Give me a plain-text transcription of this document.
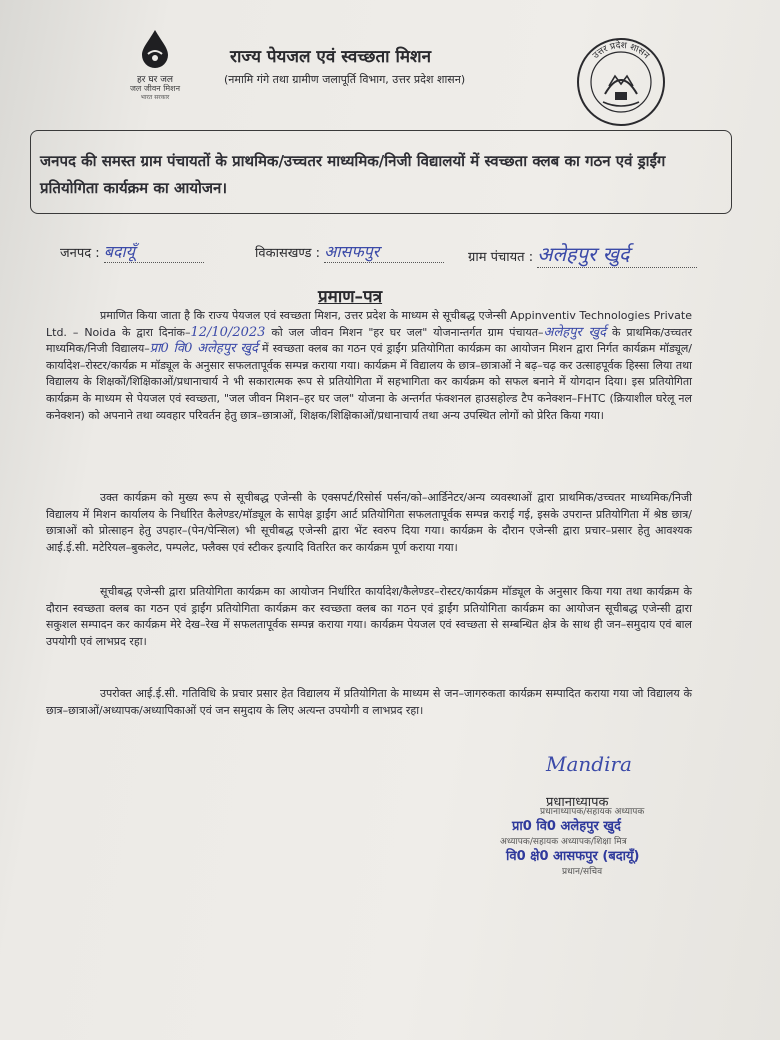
हर घर जल
जल जीवन मिशन
भारत सरकार
राज्य पेयजल एवं स्वच्छता मिशन
(नमामि गंगे तथा ग्रामीण जलापूर्ति विभाग, उत्तर प्रदेश शासन)
उत्तर प्रदेश शासन
जनपद की समस्त ग्राम पंचायतों के प्राथमिक/उच्चतर माध्यमिक/निजी विद्यालयों में स्वच्छता क्लब का गठन एवं ड्राईंग प्रतियोगिता कार्यक्रम का आयोजन।
जनपद : बदायूँ	विकासखण्ड : आसफपुर	ग्राम पंचायत : अलेहपुर खुर्द
प्रमाण–पत्र
प्रमाणित किया जाता है कि राज्य पेयजल एवं स्वच्छता मिशन, उत्तर प्रदेश के माध्यम से सूचीबद्ध एजेन्सी Appinventiv Technologies Private Ltd. – Noida के द्वारा दिनांक–12/10/2023 को जल जीवन मिशन "हर घर जल" योजनान्तर्गत ग्राम पंचायत–अलेहपुर खुर्द के प्राथमिक/उच्चतर माध्यमिक/निजी विद्यालय–प्रा0 वि0 अलेहपुर खुर्द में स्वच्छता क्लब का गठन एवं ड्राईंग प्रतियोगिता कार्यक्रम का आयोजन मिशन द्वारा निर्गत कार्यक्रम मॉड्यूल/कार्यादेश–रोस्टर/कार्यक्र म मॉड्यूल के अनुसार सफलतापूर्वक सम्पन्न कराया गया। कार्यक्रम में विद्यालय के छात्र–छात्राओं ने बढ़–चढ़ कर उत्साहपूर्वक हिस्सा लिया तथा विद्यालय के शिक्षकों/शिक्षिकाओं/प्रधानाचार्य ने भी सकारात्मक रूप से प्रतियोगिता में सहभागिता कर कार्यक्रम को सफल बनाने में योगदान दिया। इस प्रतियोगिता कार्यक्रम के माध्यम से पेयजल एवं स्वच्छता, "जल जीवन मिशन–हर घर जल" योजना के अन्तर्गत फंक्शनल हाउसहोल्ड टैप कनेक्शन–FHTC (क्रियाशील घरेलू नल कनेक्शन) को अपनाने तथा व्यवहार परिवर्तन हेतु छात्र–छात्राओं, शिक्षक/शिक्षिकाओं/प्रधानाचार्य तथा अन्य उपस्थित लोगों को प्रेरित किया गया।
उक्त कार्यक्रम को मुख्य रूप से सूचीबद्ध एजेन्सी के एक्सपर्ट/रिसोर्स पर्सन/को–आर्डिनेटर/अन्य व्यवस्थाओं द्वारा प्राथमिक/उच्चतर माध्यमिक/निजी विद्यालय में मिशन कार्यालय के निर्धारित कैलेण्डर/मॉड्यूल के सापेक्ष ड्राईंग आर्ट प्रतियोगिता सफलतापूर्वक सम्पन्न कराई गई, इसके उपरान्त प्रतियोगिता में श्रेष्ठ छात्र/छात्राओं को प्रोत्साहन हेतु उपहार–(पेन/पेन्सिल) भी सूचीबद्ध एजेन्सी द्वारा भेंट स्वरुप दिया गया। कार्यक्रम के दौरान एजेन्सी द्वारा प्रचार–प्रसार हेतु आवश्यक आई.ई.सी. मटेरियल–बुकलेट, पम्पलेट, फ्लैक्स एवं स्टीकर इत्यादि वितरित कर कार्यक्रम पूर्ण कराया गया।
सूचीबद्ध एजेन्सी द्वारा प्रतियोगिता कार्यक्रम का आयोजन निर्धारित कार्यादेश/कैलेण्डर–रोस्टर/कार्यक्रम मॉड्यूल के अनुसार किया गया तथा कार्यक्रम के दौरान स्वच्छता क्लब का गठन एवं ड्राईंग प्रतियोगिता कार्यक्रम कर स्वच्छता क्लब का गठन एवं ड्राईंग प्रतियोगिता कार्यक्रम का आयोजन सूचीबद्ध एजेन्सी द्वारा सकुशल सम्पादन कर कार्यक्रम मेरे देख–रेख में सफलतापूर्वक सम्पन्न कराया गया। कार्यक्रम पेयजल एवं स्वच्छता से सम्बन्धित क्षेत्र के साथ ही जन–समुदाय एवं बाल उपयोगी एवं लाभप्रद रहा।
उपरोक्त आई.ई.सी. गतिविधि के प्रचार प्रसार हेत विद्यालय में प्रतियोगिता के माध्यम से जन–जागरुकता कार्यक्रम सम्पादित कराया गया जो विद्यालय के छात्र–छात्राओं/अध्यापक/अध्यापिकाओं एवं जन समुदाय के लिए अत्यन्त उपयोगी व लाभप्रद रहा।
Mandira
प्रधानाध्यापक
प्रधानाध्यापक/सहायक अध्यापक
प्रा0 वि0 अलेहपुर खुर्द
अध्यापक/सहायक अध्यापक/शिक्षा मित्र
वि0 क्षे0 आसफपुर (बदायूँ)
प्रधान/सचिव
